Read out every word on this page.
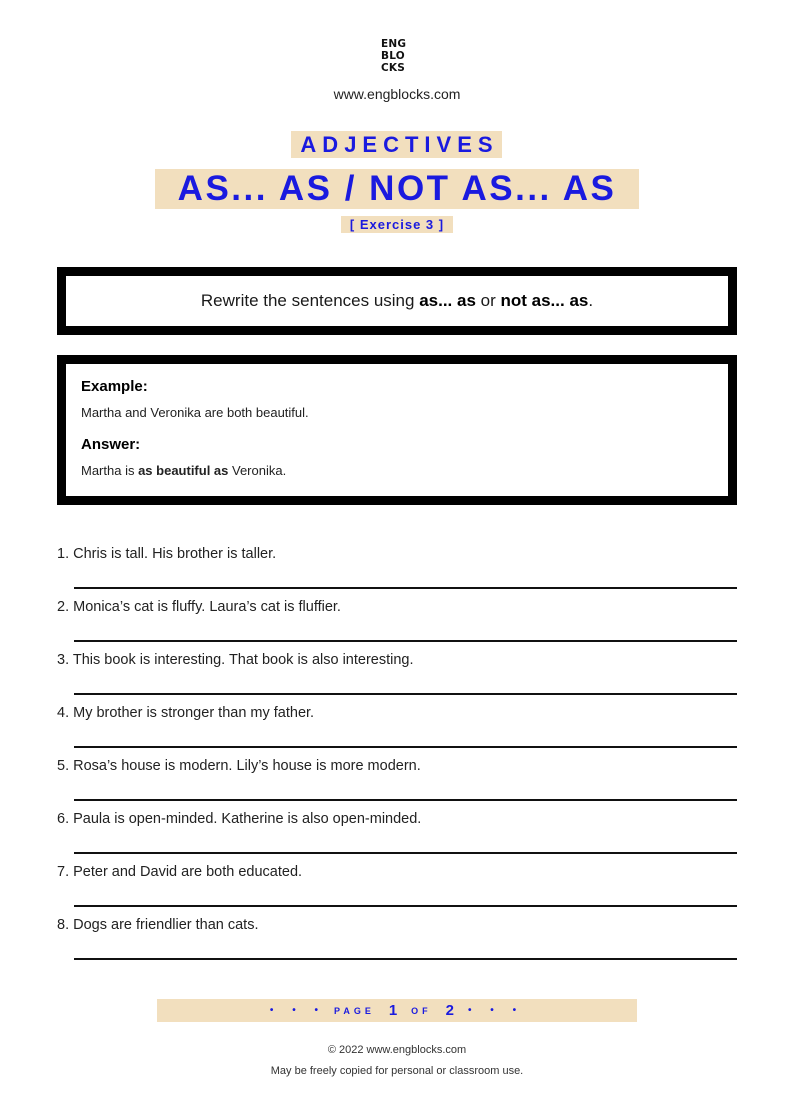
ENG
BLO
CKS
www.engblocks.com
ADJECTIVES
AS... AS / NOT AS... AS
[ Exercise 3 ]
Rewrite the sentences using as... as or not as... as.
Example:
Martha and Veronika are both beautiful.
Answer:
Martha is as beautiful as Veronika.
1. Chris is tall. His brother is taller.
2. Monica’s cat is fluffy. Laura’s cat is fluffier.
3. This book is interesting. That book is also interesting.
4. My brother is stronger than my father.
5. Rosa’s house is modern. Lily’s house is more modern.
6. Paula is open-minded. Katherine is also open-minded.
7. Peter and David are both educated.
8. Dogs are friendlier than cats.
• • • PAGE 1 OF 2 • • •
© 2022 www.engblocks.com
May be freely copied for personal or classroom use.
